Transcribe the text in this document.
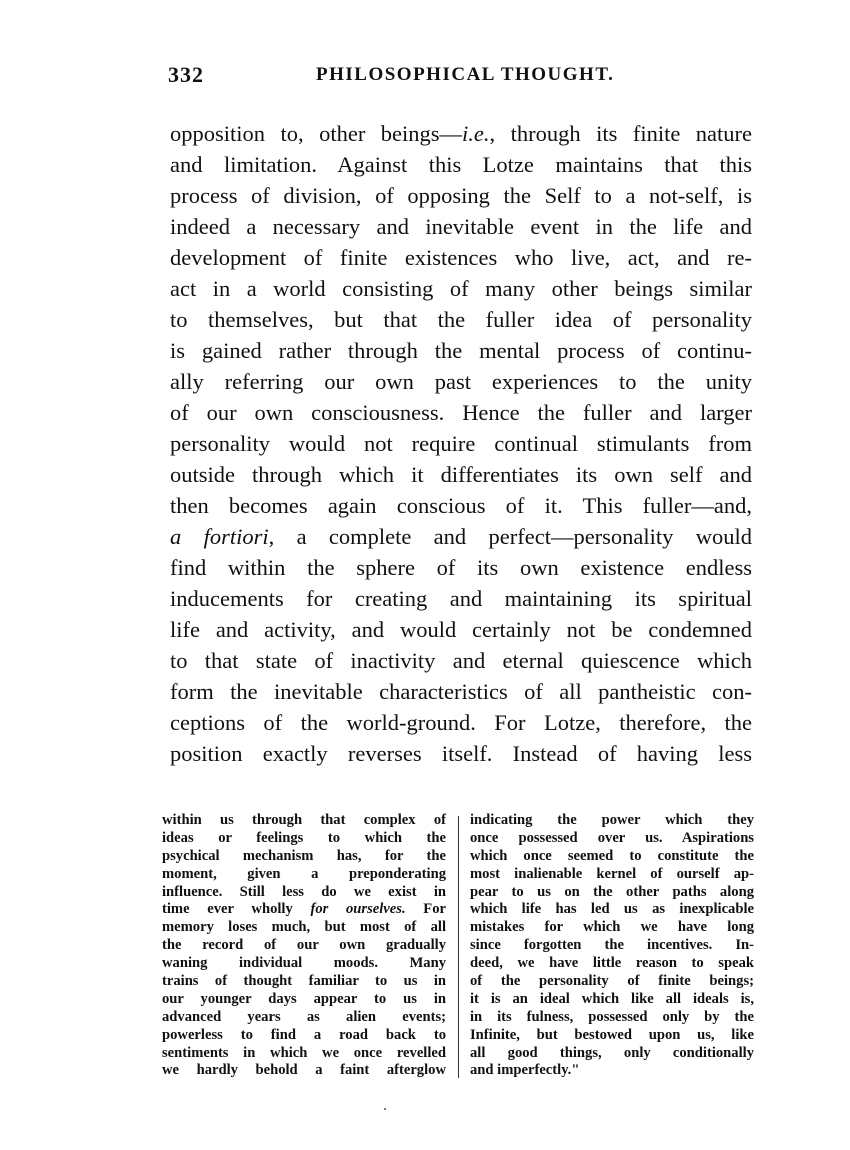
332	PHILOSOPHICAL THOUGHT.
opposition to, other beings—i.e., through its finite nature
and limitation. Against this Lotze maintains that this
process of division, of opposing the Self to a not-self, is
indeed a necessary and inevitable event in the life and
development of finite existences who live, act, and re-
act in a world consisting of many other beings similar
to themselves, but that the fuller idea of personality
is gained rather through the mental process of continu-
ally referring our own past experiences to the unity
of our own consciousness. Hence the fuller and larger
personality would not require continual stimulants from
outside through which it differentiates its own self and
then becomes again conscious of it. This fuller—and,
a fortiori, a complete and perfect—personality would
find within the sphere of its own existence endless
inducements for creating and maintaining its spiritual
life and activity, and would certainly not be condemned
to that state of inactivity and eternal quiescence which
form the inevitable characteristics of all pantheistic con-
ceptions of the world-ground. For Lotze, therefore, the
position exactly reverses itself. Instead of having less
within us through that complex of
ideas or feelings to which the
psychical mechanism has, for the
moment, given a preponderating
influence. Still less do we exist in
time ever wholly for ourselves. For
memory loses much, but most of all
the record of our own gradually
waning individual moods. Many
trains of thought familiar to us in
our younger days appear to us in
advanced years as alien events;
powerless to find a road back to
sentiments in which we once revelled
we hardly behold a faint afterglow
indicating the power which they
once possessed over us. Aspirations
which once seemed to constitute the
most inalienable kernel of ourself ap-
pear to us on the other paths along
which life has led us as inexplicable
mistakes for which we have long
since forgotten the incentives. In-
deed, we have little reason to speak
of the personality of finite beings;
it is an ideal which like all ideals is,
in its fulness, possessed only by the
Infinite, but bestowed upon us, like
all good things, only conditionally
and imperfectly."
